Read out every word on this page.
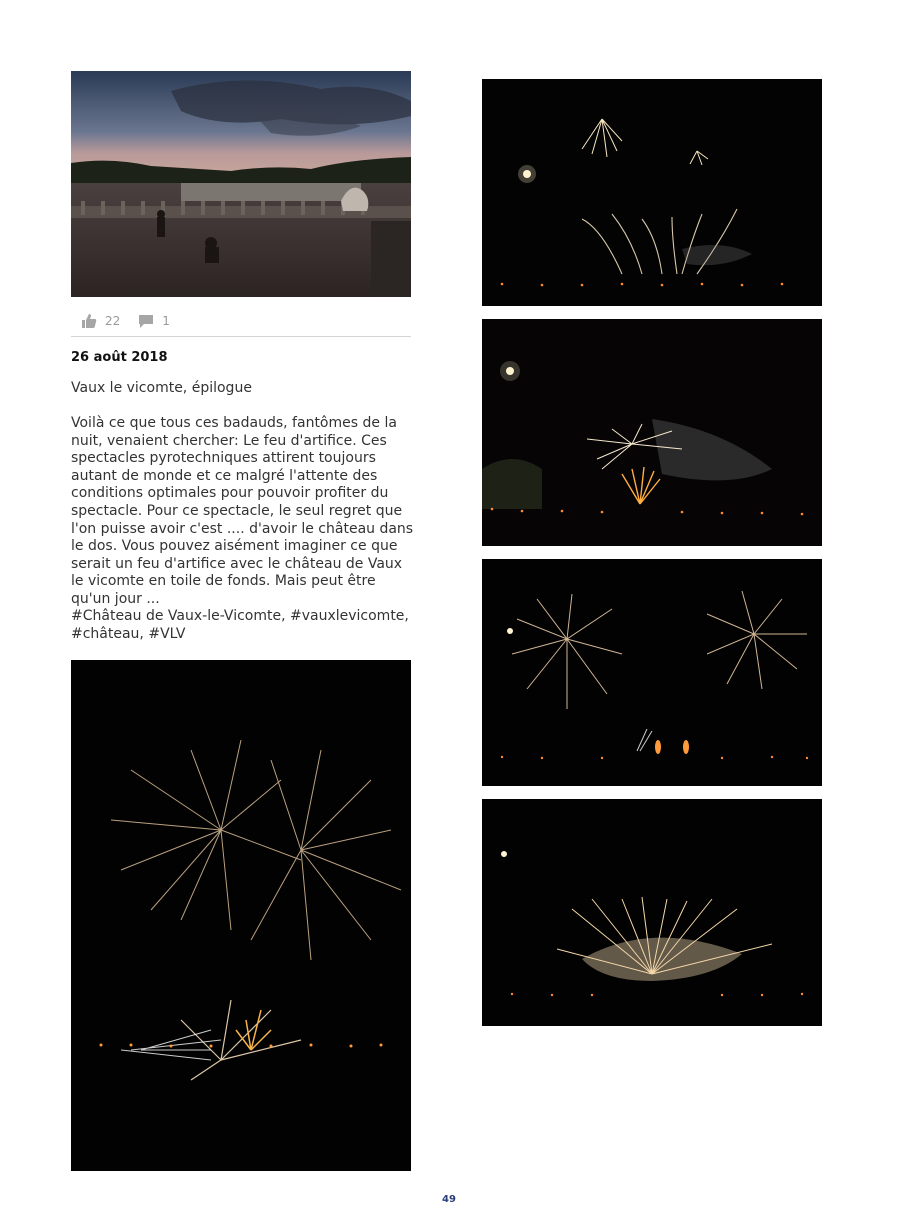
22	1
26 août 2018
Vaux le vicomte, épilogue

Voilà ce que tous ces badauds, fantômes de la nuit, venaient chercher: Le feu d'artifice. Ces spectacles pyrotechniques attirent toujours autant de monde et ce malgré l'attente des conditions optimales pour pouvoir profiter du spectacle. Pour ce spectacle, le seul regret que l'on puisse avoir c'est .... d'avoir le château dans le dos. Vous pouvez aisément imaginer ce que serait un feu d'artifice avec le château de Vaux le vicomte en toile de fonds. Mais peut être qu'un jour ...

#Château de Vaux-le-Vicomte, #vauxlevicomte, #château, #VLV
49
